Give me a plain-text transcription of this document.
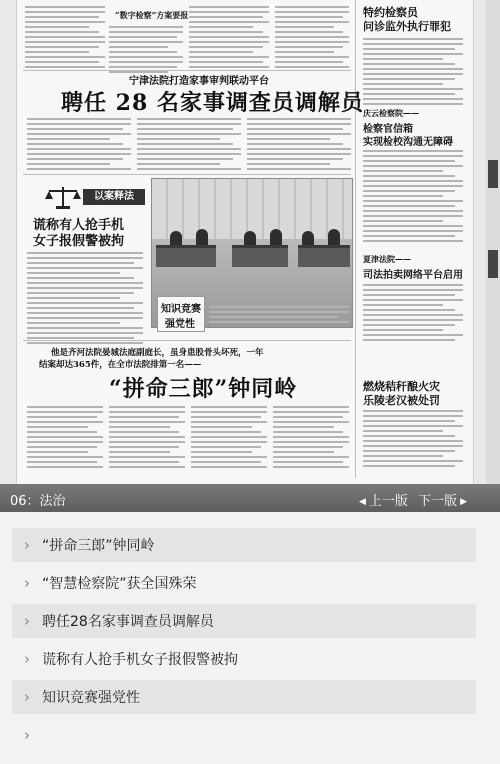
“数字检察”方案要报	特约检察员
问诊监外执行罪犯
庆云检察院——
检察官信箱
实现检校沟通无障碍
夏津法院——
司法拍卖网络平台启用
燃烧秸秆酿火灾
乐陵老汉被处罚
宁津法院打造家事审判联动平台
聘任 28 名家事调查员调解员
以案释法
谎称有人抢手机
女子报假警被拘
知识竞赛
强党性
他是齐河法院晏城法庭副庭长，虽身患股骨头坏死，一年
结案却达365件，在全市法院排第一名——
“拼命三郎”钟同岭
06：法治	◀ 上一版 下一版 ▶
› “拼命三郎”钟同岭
› “智慧检察院”获全国殊荣
› 聘任28名家事调查员调解员
› 谎称有人抢手机女子报假警被拘
› 知识竞赛强党性
›
